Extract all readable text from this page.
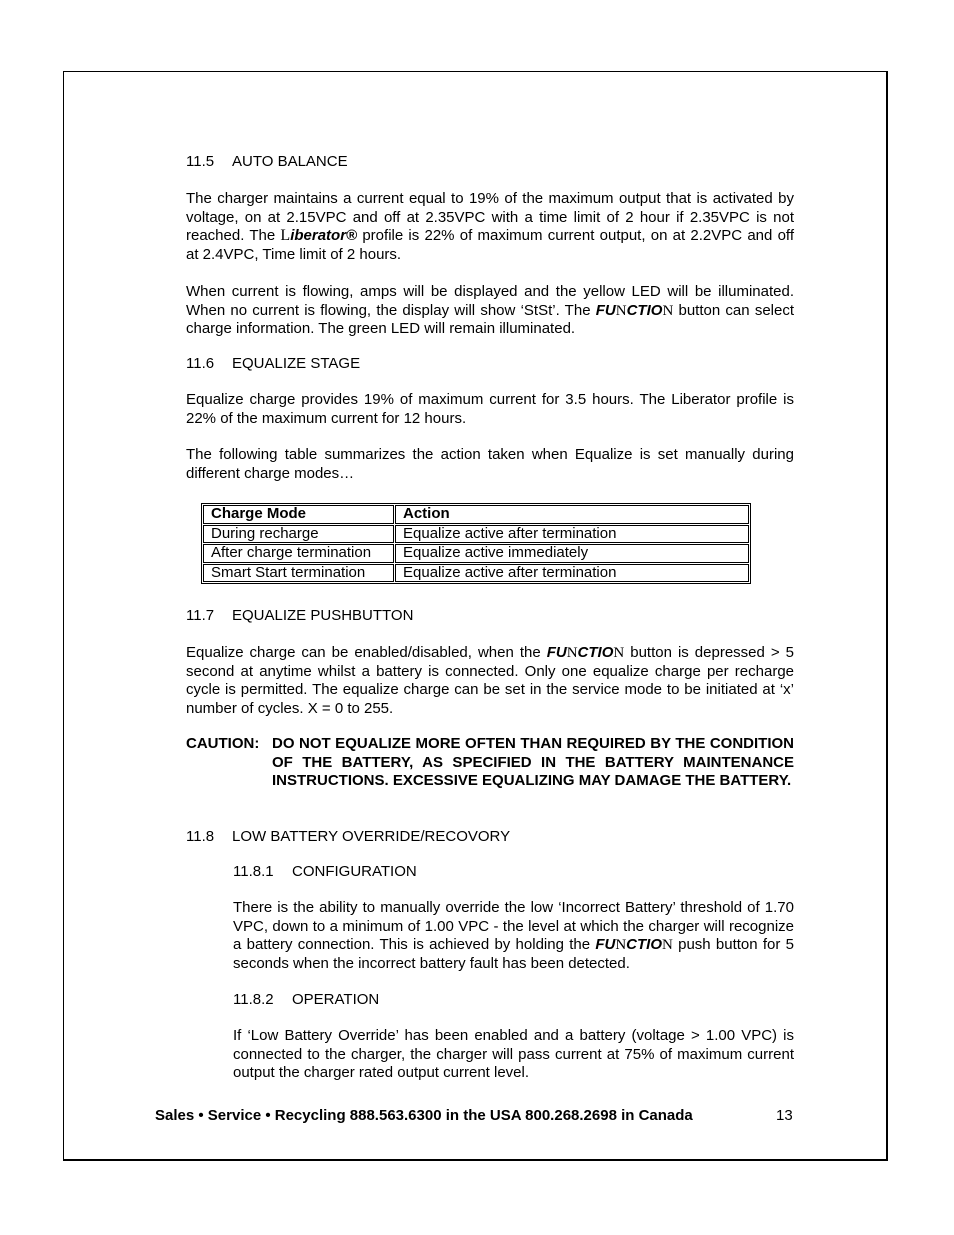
11.5 AUTO BALANCE
The charger maintains a current equal to 19% of the maximum output that is activated by voltage, on at 2.15VPC and off at 2.35VPC with a time limit of 2 hour if 2.35VPC is not reached. The Liberator® profile is 22% of maximum current output, on at 2.2VPC and off at 2.4VPC, Time limit of 2 hours.
When current is flowing, amps will be displayed and the yellow LED will be illuminated. When no current is flowing, the display will show ‘StSt’. The FUNCTION button can select charge information. The green LED will remain illuminated.
11.6 EQUALIZE STAGE
Equalize charge provides 19% of maximum current for 3.5 hours. The Liberator profile is 22% of the maximum current for 12 hours.
The following table summarizes the action taken when Equalize is set manually during different charge modes…
Charge Mode	Action
During recharge	Equalize active after termination
After charge termination	Equalize active immediately
Smart Start termination	Equalize active after termination
11.7 EQUALIZE PUSHBUTTON
Equalize charge can be enabled/disabled, when the FUNCTION button is depressed > 5 second at anytime whilst a battery is connected. Only one equalize charge per recharge cycle is permitted. The equalize charge can be set in the service mode to be initiated at ‘x’ number of cycles. X = 0 to 255.
CAUTION: DO NOT EQUALIZE MORE OFTEN THAN REQUIRED BY THE CONDITION OF THE BATTERY, AS SPECIFIED IN THE BATTERY MAINTENANCE INSTRUCTIONS. EXCESSIVE EQUALIZING MAY DAMAGE THE BATTERY.
11.8 LOW BATTERY OVERRIDE/RECOVORY
11.8.1 CONFIGURATION
There is the ability to manually override the low ‘Incorrect Battery’ threshold of 1.70 VPC, down to a minimum of 1.00 VPC - the level at which the charger will recognize a battery connection. This is achieved by holding the FUNCTION push button for 5 seconds when the incorrect battery fault has been detected.
11.8.2 OPERATION
If ‘Low Battery Override’ has been enabled and a battery (voltage > 1.00 VPC) is connected to the charger, the charger will pass current at 75% of maximum current output the charger rated output current level.
Sales • Service • Recycling 888.563.6300 in the USA 800.268.2698 in Canada	13
